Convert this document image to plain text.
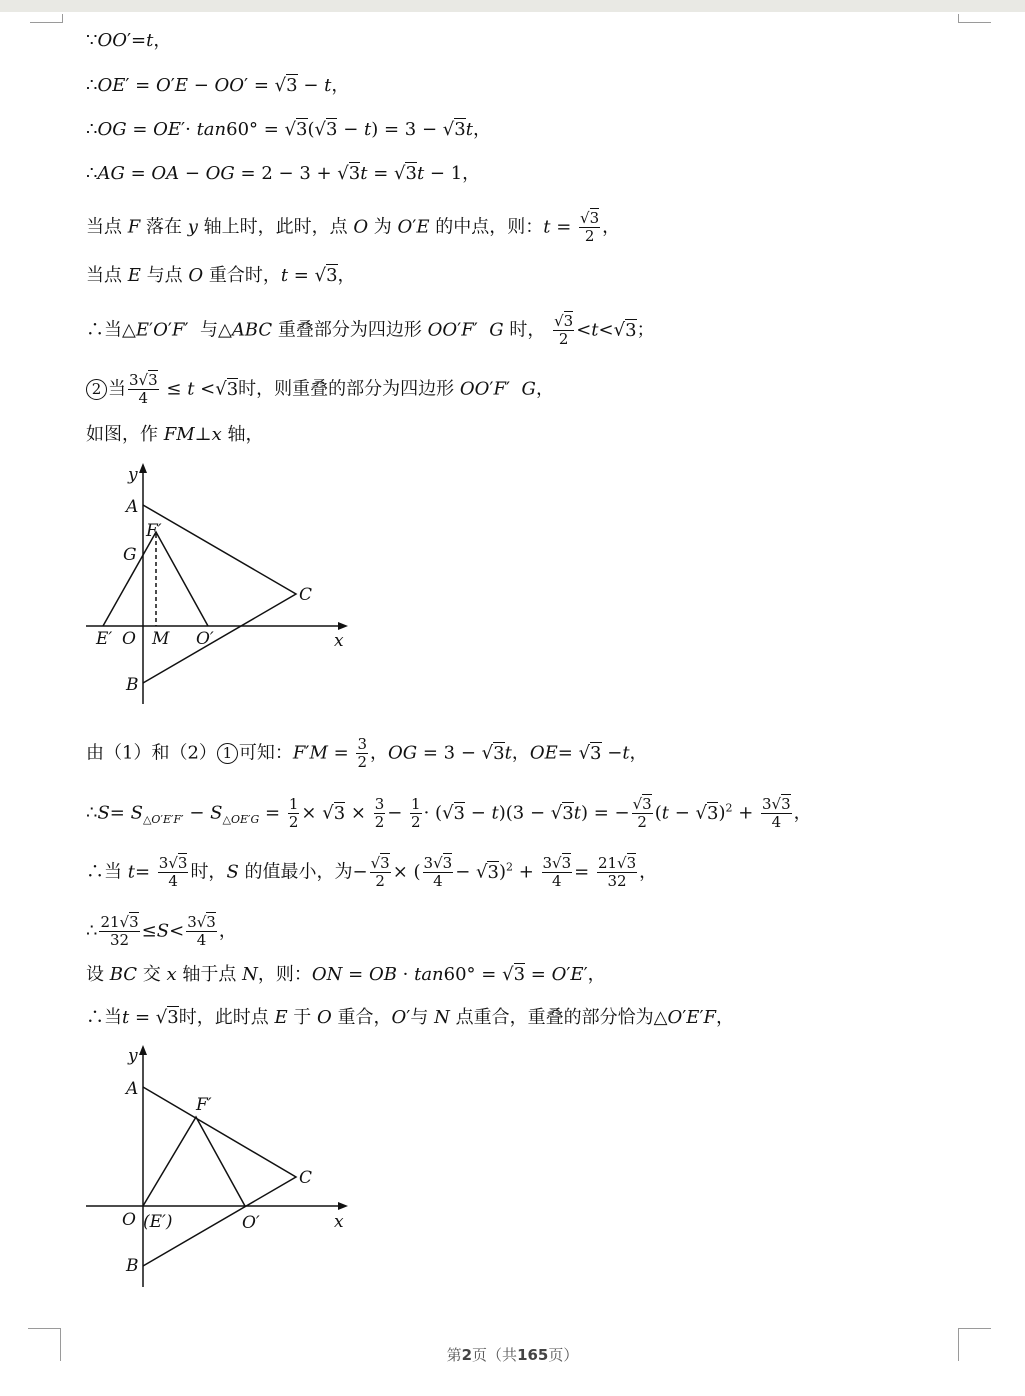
∵OO′=t，
∴OE′ = O′E − OO′ = √3 − t，
∴OG = OE′· tan60° = √3(√3 − t) = 3 − √3t，
∴AG = OA − OG = 2 − 3 + √3t = √3t − 1，
当点 F 落在 y 轴上时，此时，点 O 为 O′E 的中点，则：$t = \frac{√3}{2}$ ，
当点 E 与点 O 重合时，t = √3，
∴当△E′O′F′  与△ABC 重叠部分为四边形 OO′F′  G 时， $\frac{√3}{2} <t<√3$；
2 当 $\frac{3√3}{4} \le t <√3$时，则重叠的部分为四边形 OO′F′  G，
如图，作 FM⊥x 轴，
y
x
A
F′
G
C
E′ O M O′
B
由（1）和（2） 1 可知：$F'M = \frac{3}{2}$ ，OG = 3 − √3t，OE= √3 −t，
∴S= $S_{\triangle O'E'F'} - S_{\triangle OE'G} = \frac{1}{2} \times √3 \times \frac{3}{2} - \frac{1}{2} \cdot (√3 - t)(3 - √3t)$ = − $\frac{√3}{2} (t - √3)^2 + \frac{3√3}{4}$ ，
∴当 $t= \frac{3√3}{4}$ 时，S 的值最小，为− $\frac{√3}{2}$ × ( $\frac{3√3}{4} - √3)^2 + \frac{3√3}{4} = \frac{21√3}{32}$ ，
∴ $\frac{21√3}{32} \le S< \frac{3√3}{4}$ ，
设 BC 交 x 轴于点 N，则：ON = OB · tan60° = √3 = O′E′，
∴当t = √3时，此时点 E 于 O 重合，O′与 N 点重合，重叠的部分恰为△O′E′F，
y
x
A
F′
C
O (E′)	O′
B
第2页（共165页）
